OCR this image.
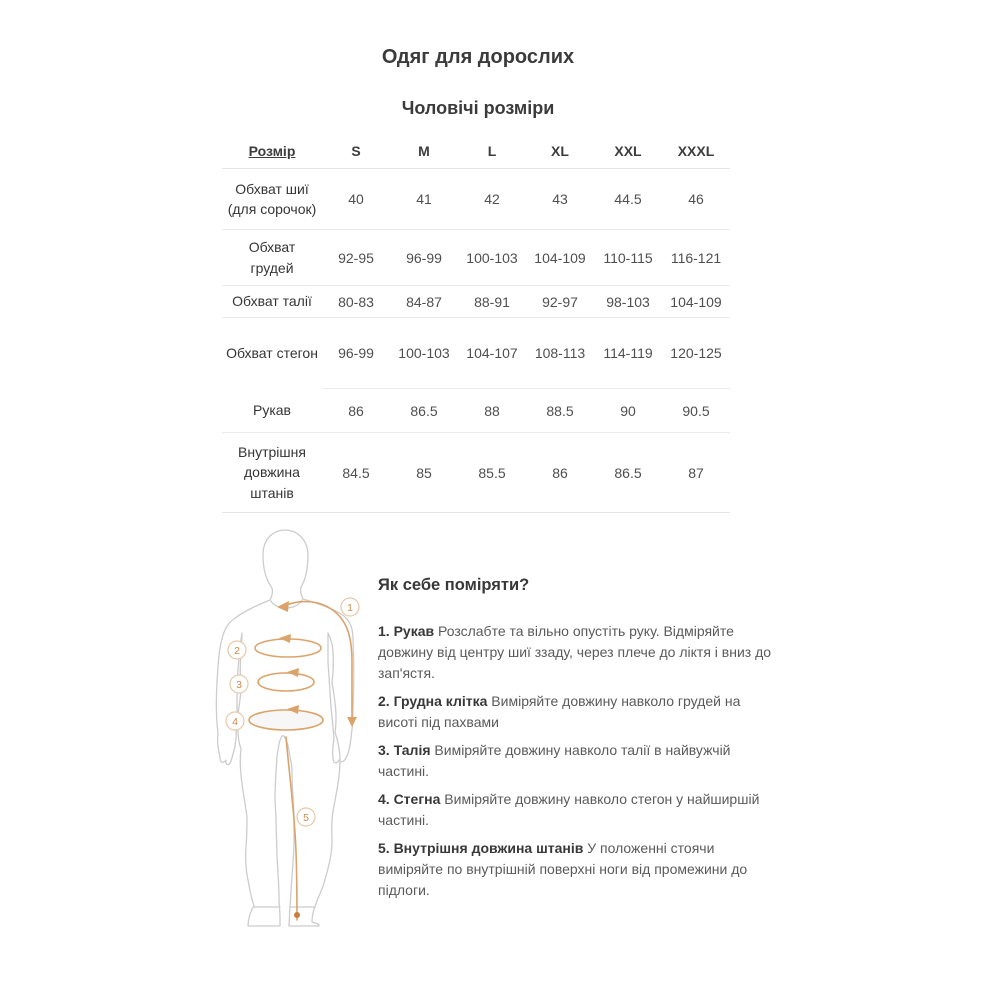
Одяг для дорослих
Чоловічі розміри
Розмір	S	M	L	XL	XXL	XXXL
Обхват шиї (для сорочок)	40	41	42	43	44.5	46
Обхват грудей	92-95	96-99	100-103	104-109	110-115	116-121
Обхват талії	80-83	84-87	88-91	92-97	98-103	104-109
Обхват стегон	96-99	100-103	104-107	108-113	114-119	120-125
Рукав	86	86.5	88	88.5	90	90.5
Внутрішня довжина штанів	84.5	85	85.5	86	86.5	87
1
2
3
4
5
Як себе поміряти?

1. Рукав Розслабте та вільно опустіть руку. Відміряйте довжину від центру шиї ззаду, через плече до ліктя і вниз до зап'ястя.

2. Грудна клітка Виміряйте довжину навколо грудей на висоті під пахвами

3. Талія Виміряйте довжину навколо талії в найвужчій частині.

4. Стегна Виміряйте довжину навколо стегон у найширшій частині.

5. Внутрішня довжина штанів У положенні стоячи виміряйте по внутрішній поверхні ноги від промежини до підлоги.
